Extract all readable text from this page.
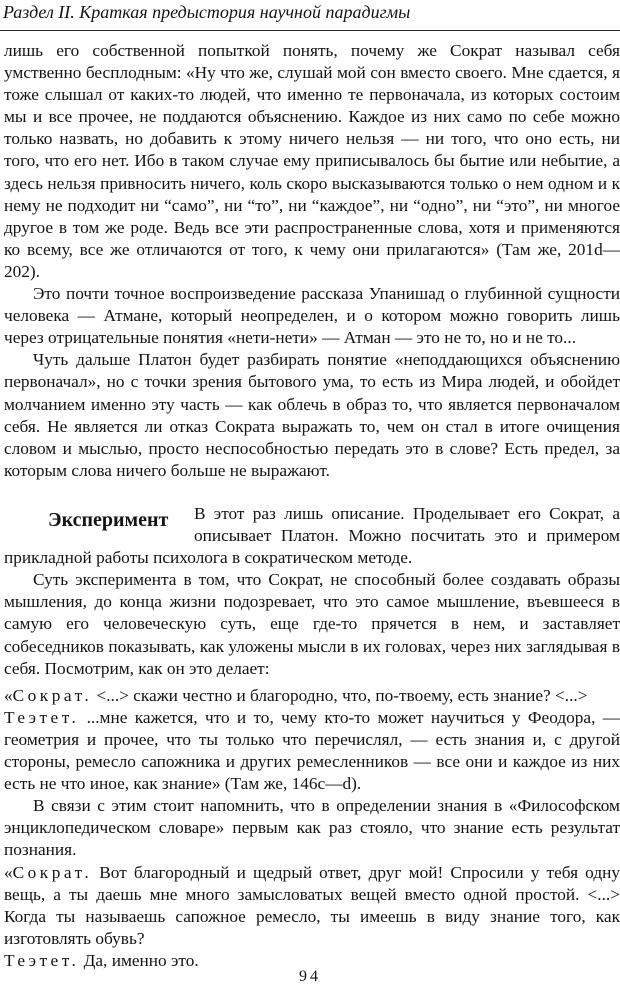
Раздел II. Краткая предыстория научной парадигмы

лишь его собственной попыткой понять, почему же Сократ называл себя умственно бесплодным: «Ну что же, слушай мой сон вместо своего. Мне сдается, я тоже слышал от каких-то людей, что именно те первоначала, из которых состоим мы и все прочее, не поддаются объяснению. Каждое из них само по себе можно только назвать, но добавить к этому ничего нельзя — ни того, что оно есть, ни того, что его нет. Ибо в таком случае ему приписывалось бы бытие или небытие, а здесь нельзя привносить ничего, коль скоро высказываются только о нем одном и к нему не подходит ни “само”, ни “то”, ни “каждое”, ни “одно”, ни “это”, ни многое другое в том же роде. Ведь все эти распространенные слова, хотя и применяются ко всему, все же отличаются от того, к чему они прилагаются» (Там же, 201d—202).

Это почти точное воспроизведение рассказа Упанишад о глубинной сущности человека — Атмане, который неопределен, и о котором можно говорить лишь через отрицательные понятия «нети-нети» — Атман — это не то, но и не то...

Чуть дальше Платон будет разбирать понятие «неподдающихся объяснению первоначал», но с точки зрения бытового ума, то есть из Мира людей, и обойдет молчанием именно эту часть — как облечь в образ то, что является первоначалом себя. Не является ли отказ Сократа выражать то, чем он стал в итоге очищения словом и мыслью, просто неспособностью передать это в слове? Есть предел, за которым слова ничего больше не выражают.

Эксперимент	В этот раз лишь описание. Проделывает его Сократ, а описывает Платон. Можно посчитать это и примером прикладной работы психолога в сократическом методе.

Суть эксперимента в том, что Сократ, не способный более создавать образы мышления, до конца жизни подозревает, что это самое мышление, въевшееся в самую его человеческую суть, еще где-то прячется в нем, и заставляет собеседников показывать, как уложены мысли в их головах, через них заглядывая в себя. Посмотрим, как он это делает:

«Сократ. <...> скажи честно и благородно, что, по-твоему, есть знание? <...>

Теэтет. ...мне кажется, что и то, чему кто-то может научиться у Феодора, — геометрия и прочее, что ты только что перечислял, — есть знания и, с другой стороны, ремесло сапожника и других ремесленников — все они и каждое из них есть не что иное, как знание» (Там же, 146c—d).

В связи с этим стоит напомнить, что в определении знания в «Философском энциклопедическом словаре» первым как раз стояло, что знание есть результат познания.

«Сократ. Вот благородный и щедрый ответ, друг мой! Спросили у тебя одну вещь, а ты даешь мне много замысловатых вещей вместо одной простой. <...> Когда ты называешь сапожное ремесло, ты имеешь в виду знание того, как изготовлять обувь?

Теэтет. Да, именно это.

94
